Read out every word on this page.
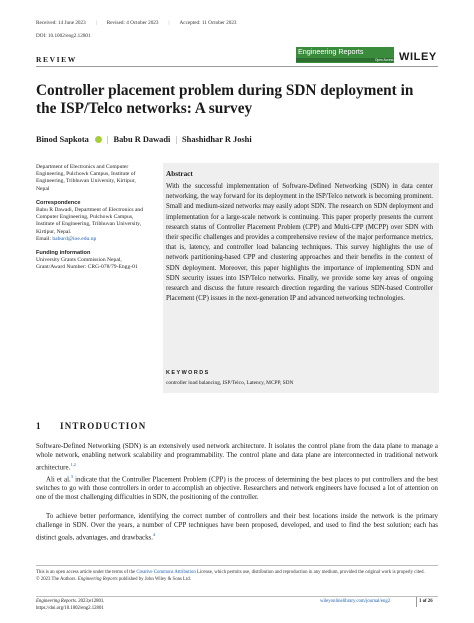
Received: 14 June 2023 | Revised: 4 October 2023 | Accepted: 11 October 2023
DOI: 10.1002/eng2.12801
REVIEW
Engineering Reports
Open Access WILEY
Controller placement problem during SDN deployment in the ISP/Telco networks: A survey
Binod Sapkota | Babu R Dawadi | Shashidhar R Joshi
Department of Electronics and Computer Engineering, Pulchowk Campus, Institute of Engineering, Tribhuvan University, Kirtipur, Nepal
Correspondence
Babu R Dawadi, Department of Electronics and Computer Engineering, Pulchowk Campus, Institute of Engineering, Tribhuvan University, Kirtipur, Nepal.
Email: baburd@ioe.edu.np
Funding information
University Grants Commission Nepal, Grant/Award Number: CRG-078/79-Engg-01
Abstract
With the successful implementation of Software-Defined Networking (SDN) in data center networking, the way forward for its deployment in the ISP/Telco network is becoming prominent. Small and medium-sized networks may easily adopt SDN. The research on SDN deployment and implementation for a large-scale network is continuing. This paper properly presents the current research status of Controller Placement Problem (CPP) and Multi-CPP (MCPP) over SDN with their specific challenges and provides a comprehensive review of the major performance metrics, that is, latency, and controller load balancing techniques. This survey highlights the use of network partitioning-based CPP and clustering approaches and their benefits in the context of SDN deployment. Moreover, this paper highlights the importance of implementing SDN and SDN security issues into ISP/Telco networks. Finally, we provide some key areas of ongoing research and discuss the future research direction regarding the various SDN-based Controller Placement (CP) issues in the next-generation IP and advanced networking technologies.
KEYWORDS
controller load balancing, ISP/Telco, Latency, MCPP, SDN
1 INTRODUCTION
Software-Defined Networking (SDN) is an extensively used network architecture. It isolates the control plane from the data plane to manage a whole network, enabling network scalability and programmability. The control plane and data plane are interconnected in traditional network architecture.$^{1,2}$
Ali et al.$^3$ indicate that the Controller Placement Problem (CPP) is the process of determining the best places to put controllers and the best switches to go with those controllers in order to accomplish an objective. Researchers and network engineers have focused a lot of attention on one of the most challenging difficulties in SDN, the positioning of the controller.
To achieve better performance, identifying the correct number of controllers and their best locations inside the network is the primary challenge in SDN. Over the years, a number of CPP techniques have been proposed, developed, and used to find the best solution; each has distinct goals, advantages, and drawbacks.$^4$
This is an open access article under the terms of the Creative Commons Attribution License, which permits use, distribution and reproduction in any medium, provided the original work is properly cited.
© 2023 The Authors. Engineering Reports published by John Wiley & Sons Ltd.
Engineering Reports. 2023;e12801.
https://doi.org/10.1002/eng2.12801
wileyonlinelibrary.com/journal/eng2	1 of 26
